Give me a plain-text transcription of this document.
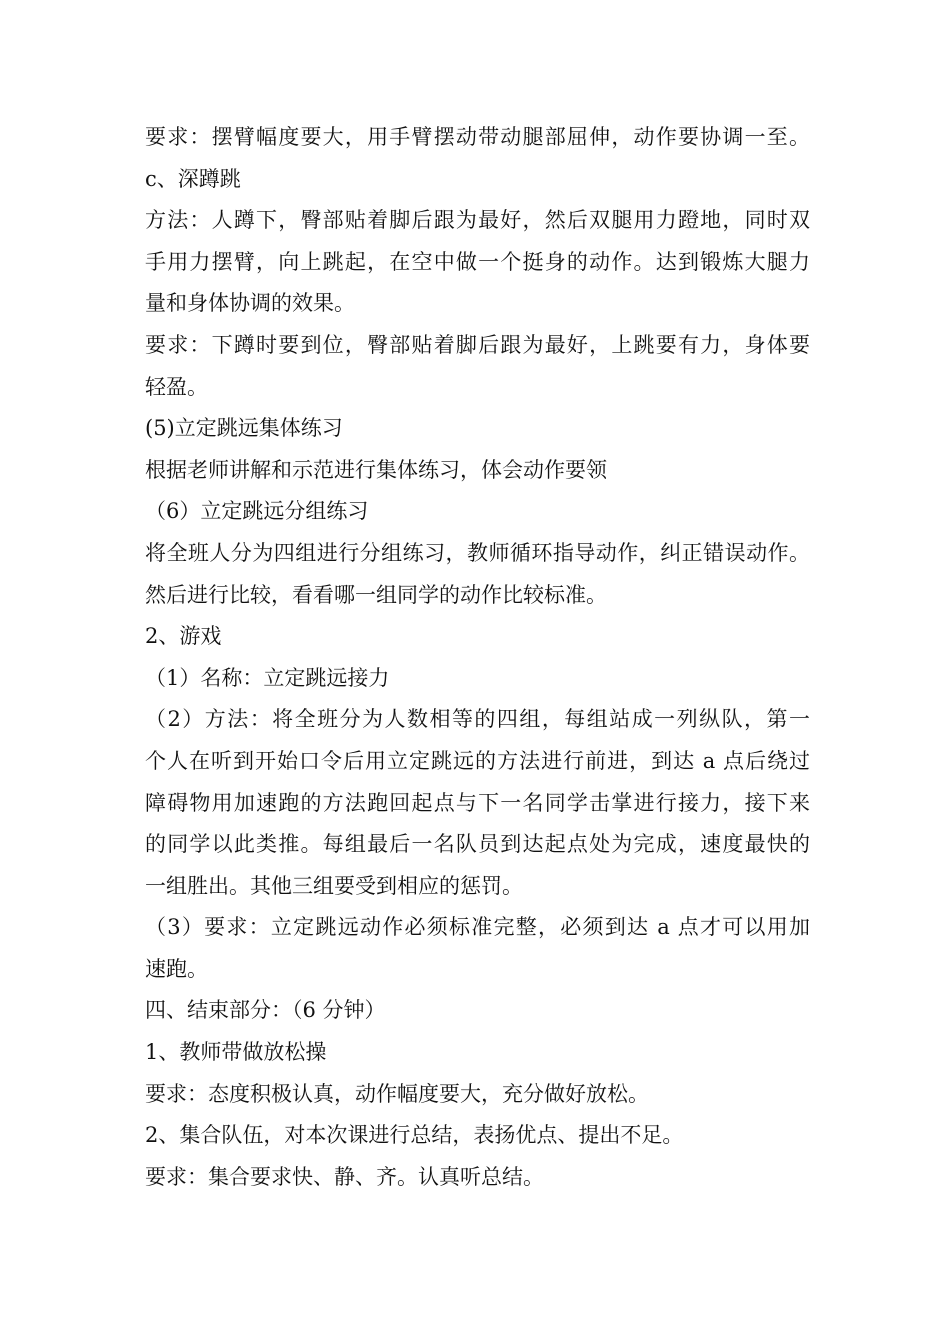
要求：摆臂幅度要大，用手臂摆动带动腿部屈伸，动作要协调一至。
c、深蹲跳
方法：人蹲下，臀部贴着脚后跟为最好，然后双腿用力蹬地，同时双
手用力摆臂，向上跳起，在空中做一个挺身的动作。达到锻炼大腿力
量和身体协调的效果。
要求：下蹲时要到位，臀部贴着脚后跟为最好，上跳要有力，身体要
轻盈。
(5)立定跳远集体练习
根据老师讲解和示范进行集体练习，体会动作要领
（6）立定跳远分组练习
将全班人分为四组进行分组练习，教师循环指导动作，纠正错误动作。
然后进行比较，看看哪一组同学的动作比较标准。
2、游戏
（1）名称：立定跳远接力
（2）方法：将全班分为人数相等的四组，每组站成一列纵队，第一
个人在听到开始口令后用立定跳远的方法进行前进，到达 a 点后绕过
障碍物用加速跑的方法跑回起点与下一名同学击掌进行接力，接下来
的同学以此类推。每组最后一名队员到达起点处为完成，速度最快的
一组胜出。其他三组要受到相应的惩罚。
（3）要求：立定跳远动作必须标准完整，必须到达 a 点才可以用加
速跑。
四、结束部分：（6 分钟）
1、教师带做放松操
要求：态度积极认真，动作幅度要大，充分做好放松。
2、集合队伍，对本次课进行总结，表扬优点、提出不足。
要求：集合要求快、静、齐。认真听总结。
